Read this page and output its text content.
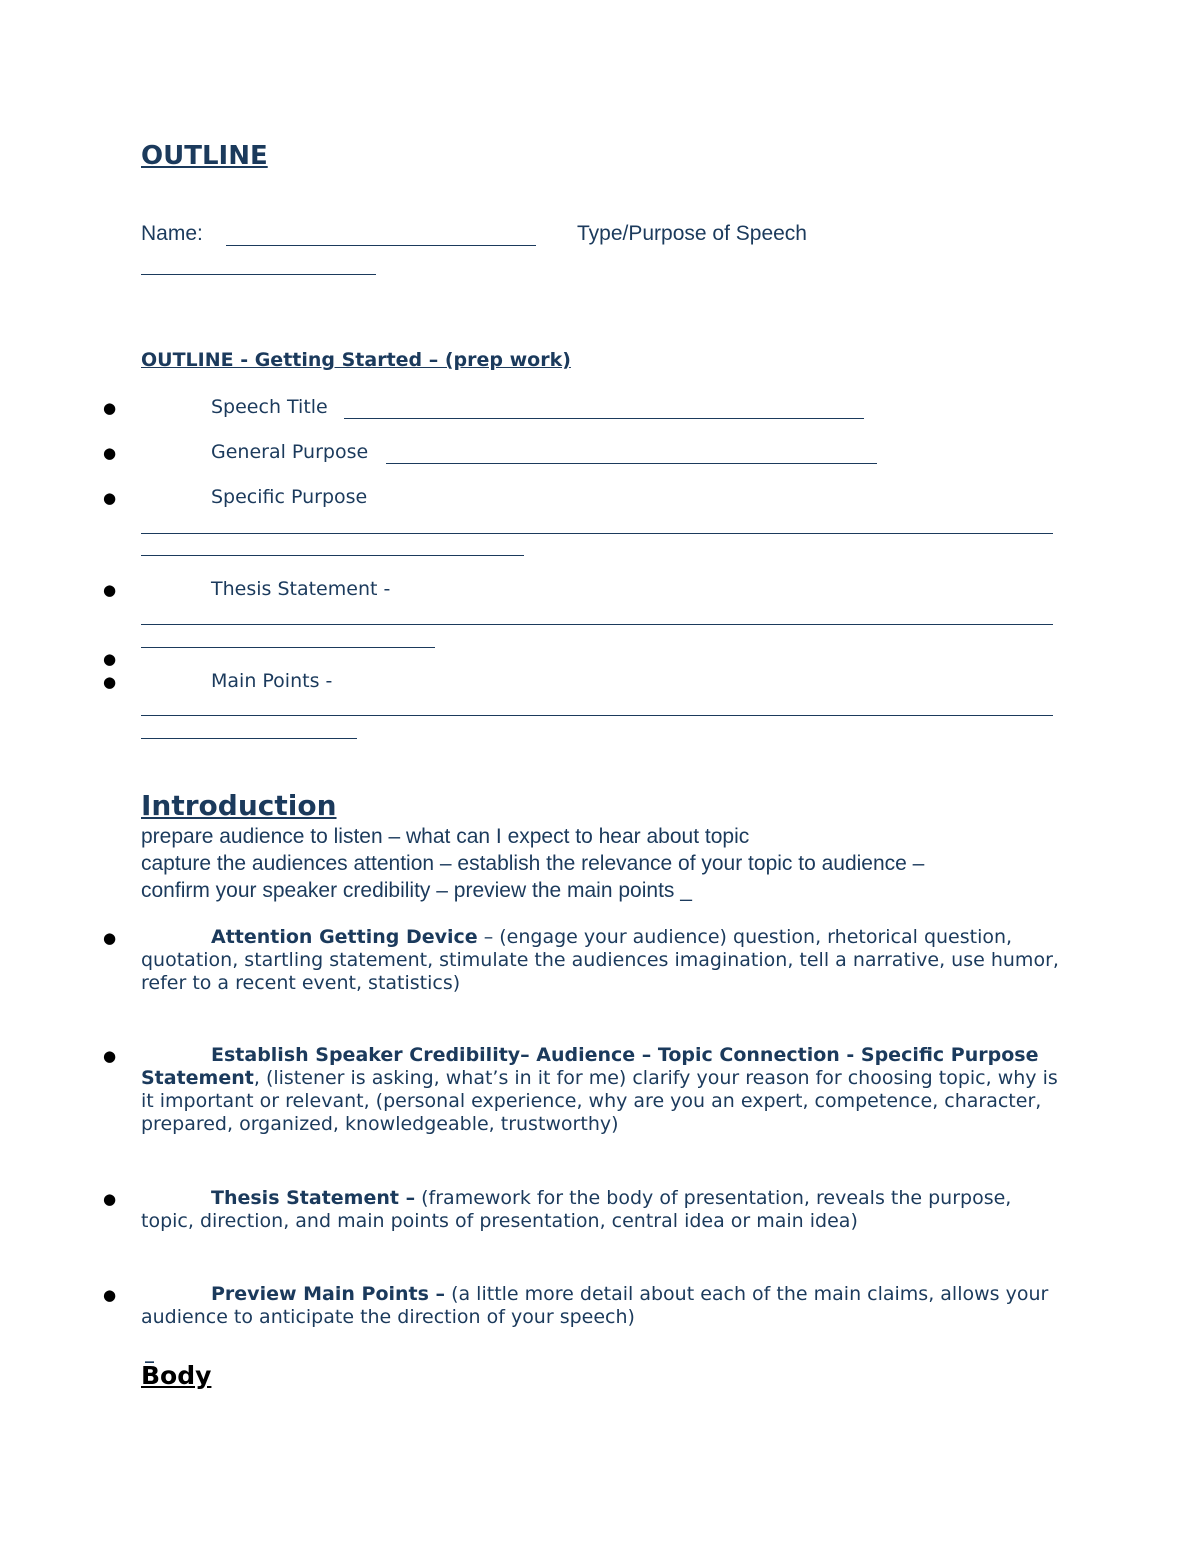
OUTLINE
Name:	Type/Purpose of Speech
OUTLINE - Getting Started – (prep work)
●	Speech Title
●	General Purpose
●	Specific Purpose
●	Thesis Statement -
●
●	Main Points -
Introduction
prepare audience to listen – what can I expect to hear about topic
capture the audiences attention – establish the relevance of your topic to audience –
confirm your speaker credibility – preview the main points _
●	Attention Getting Device – (engage your audience) question, rhetorical question, quotation, startling statement, stimulate the audiences imagination, tell a narrative, use humor, refer to a recent event, statistics)
●	Establish Speaker Credibility– Audience – Topic Connection - Specific Purpose Statement, (listener is asking, what’s in it for me) clarify your reason for choosing topic, why is it important or relevant, (personal experience, why are you an expert, competence, character, prepared, organized, knowledgeable, trustworthy)
●	Thesis Statement – (framework for the body of presentation, reveals the purpose, topic, direction, and main points of presentation, central idea or main idea)
●	Preview Main Points – (a little more detail about each of the main claims, allows your audience to anticipate the direction of your speech)
_
Body
